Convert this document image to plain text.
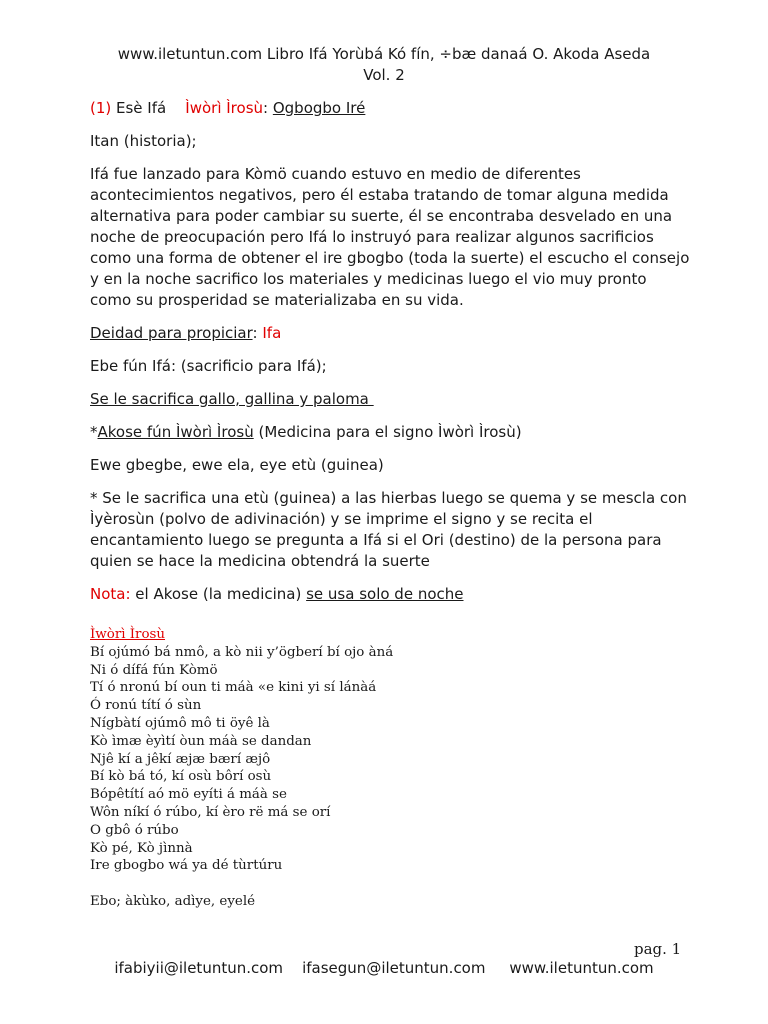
www.iletuntun.com Libro Ifá Yorùbá Kó fín, ÷bæ danaá O. Akoda Aseda
Vol. 2

(1) Esè Ifá    Ìwòrì Ìrosù: Ogbogbo Iré

Itan (historia);

Ifá fue lanzado para Kòmö cuando estuvo en medio de diferentes acontecimientos negativos, pero él estaba tratando de tomar alguna medida alternativa para poder cambiar su suerte, él se encontraba desvelado en una noche de preocupación pero Ifá lo instruyó para realizar algunos sacrificios como una forma de obtener el ire gbogbo (toda la suerte) el escucho el consejo y en la noche sacrifico los materiales y medicinas luego el vio muy pronto como su prosperidad se materializaba en su vida.

Deidad para propiciar: Ifa

Ebe fún Ifá: (sacrificio para Ifá);

Se le sacrifica gallo, gallina y paloma

*Akose fún Ìwòrì Ìrosù (Medicina para el signo Ìwòrì Ìrosù)

Ewe gbegbe, ewe ela, eye etù (guinea)

* Se le sacrifica una etù (guinea) a las hierbas luego se quema y se mescla con Ìyèrosùn (polvo de adivinación) y se imprime el signo y se recita el encantamiento luego se pregunta a Ifá si el Ori (destino) de la persona para quien se hace la medicina obtendrá la suerte

Nota: el Akose (la medicina) se usa solo de noche

Ìwòrì Ìrosù
Bí ojúmó bá nmô, a kò nii y’ögberí bí ojo àná
Ni ó dífá fún Kòmö
Tí ó nronú bí oun ti máà «e kini yi sí lánàá
Ó ronú títí ó sùn
Nígbàtí ojúmô mô ti öyê là
Kò ìmæ èyìtí òun máà se dandan
Njê kí a jêkí æjæ bærí æjô
Bí kò bá tó, kí osù bôrí osù
Bópêtítí aó mö eyíti á máà se
Wôn níkí ó rúbo, kí èro rë má se orí
O gbô ó rúbo
Kò pé, Kò jìnnà
Ire gbogbo wá ya dé tùrtúru
Ebo; àkùko, adìye, eyelé
pag. 1
ifabiyii@iletuntun.com    ifasegun@iletuntun.com     www.iletuntun.com
